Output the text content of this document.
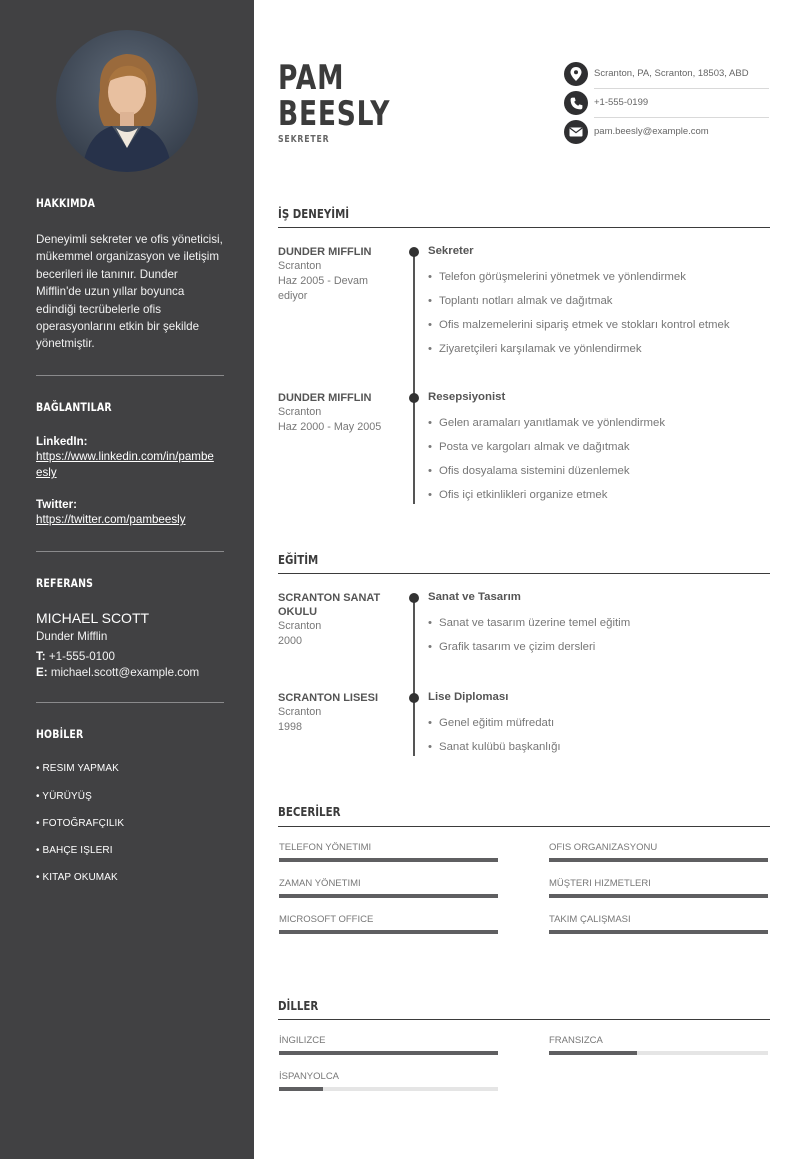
HAKKIMDA
Deneyimli sekreter ve ofis yöneticisi, mükemmel organizasyon ve iletişim becerileri ile tanınır. Dunder Mifflin'de uzun yıllar boyunca edindiği tecrübelerle ofis operasyonlarını etkin bir şekilde yönetmiştir.
BAĞLANTILAR
LinkedIn:
https://www.linkedin.com/in/pambeesly
Twitter:
https://twitter.com/pambeesly
REFERANS
MICHAEL SCOTT
Dunder Mifflin
T: +1-555-0100
E: michael.scott@example.com
HOBİLER
• RESIM YAPMAK
• YÜRÜYÜŞ
• FOTOĞRAFÇILIK
• BAHÇE IŞLERI
• KITAP OKUMAK
PAM
BEESLY
SEKRETER
Scranton, PA, Scranton, 18503, ABD
+1-555-0199
pam.beesly@example.com
İŞ DENEYİMİ
DUNDER MIFFLIN
Scranton
Haz 2005 - Devam ediyor
Sekreter
• Telefon görüşmelerini yönetmek ve yönlendirmek
• Toplantı notları almak ve dağıtmak
• Ofis malzemelerini sipariş etmek ve stokları kontrol etmek
• Ziyaretçileri karşılamak ve yönlendirmek
DUNDER MIFFLIN
Scranton
Haz 2000 - May 2005
Resepsiyonist
• Gelen aramaları yanıtlamak ve yönlendirmek
• Posta ve kargoları almak ve dağıtmak
• Ofis dosyalama sistemini düzenlemek
• Ofis içi etkinlikleri organize etmek
EĞİTİM
SCRANTON SANAT OKULU
Scranton
2000
Sanat ve Tasarım
• Sanat ve tasarım üzerine temel eğitim
• Grafik tasarım ve çizim dersleri
SCRANTON LISESI
Scranton
1998
Lise Diploması
• Genel eğitim müfredatı
• Sanat kulübü başkanlığı
BECERİLER
TELEFON YÖNETIMI	OFIS ORGANIZASYONU
ZAMAN YÖNETIMI	MÜŞTERI HIZMETLERI
MICROSOFT OFFICE	TAKIM ÇALIŞMASI
DİLLER
İNGILIZCE	FRANSIZCA
İSPANYOLCA
